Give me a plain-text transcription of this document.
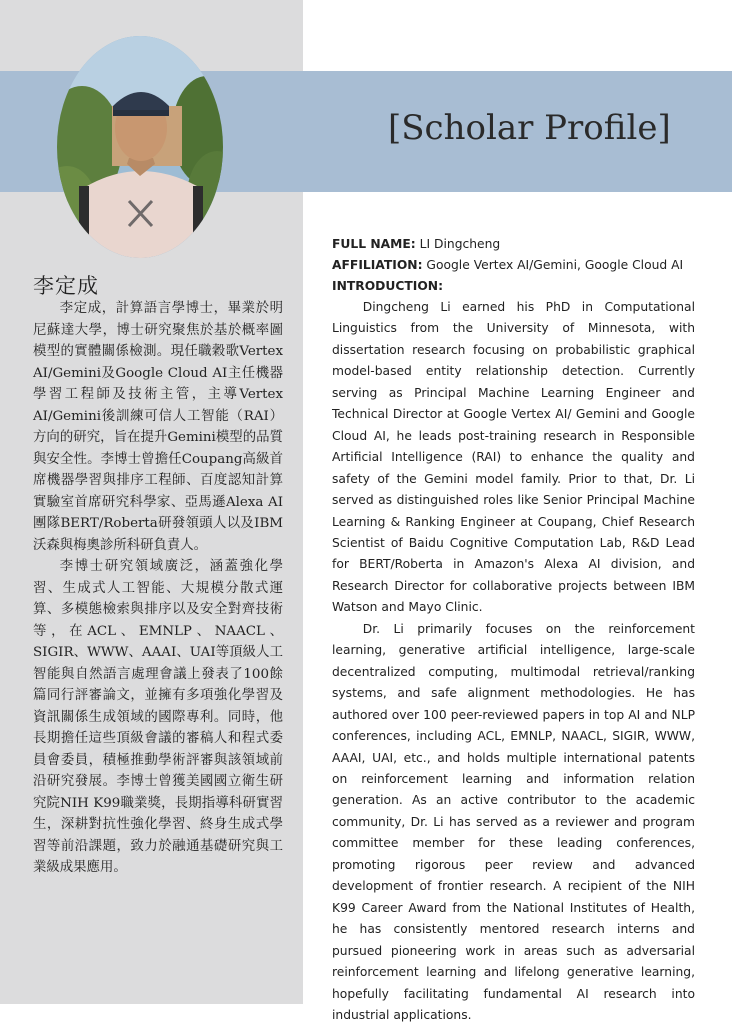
[Scholar Profile]
李定成

李定成，計算語言學博士，畢業於明尼蘇達大學，博士研究聚焦於基於概率圖模型的實體關係檢測。現任職穀歌Vertex AI/Gemini及Google Cloud AI主任機器學習工程師及技術主管，主導Vertex AI/Gemini後訓練可信人工智能（RAI）方向的研究，旨在提升Gemini模型的品質與安全性。李博士曾擔任Coupang高級首席機器學習與排序工程師、百度認知計算實驗室首席研究科學家、亞馬遜Alexa AI團隊BERT/Roberta研發領頭人以及IBM沃森與梅奧診所科研負責人。

李博士研究領域廣泛，涵蓋強化學習、生成式人工智能、大規模分散式運算、多模態檢索與排序以及安全對齊技術等，在ACL、EMNLP、NAACL、SIGIR、WWW、AAAI、UAI等頂級人工智能與自然語言處理會議上發表了100餘篇同行評審論文，並擁有多項強化學習及資訊關係生成領域的國際專利。同時，他長期擔任這些頂級會議的審稿人和程式委員會委員，積極推動學術評審與該領域前沿研究發展。李博士曾獲美國國立衛生研究院NIH K99職業獎，長期指導科研實習生，深耕對抗性強化學習、終身生成式學習等前沿課題，致力於融通基礎研究與工業級成果應用。

FULL NAME: LI Dingcheng
AFFILIATION: Google Vertex AI/Gemini, Google Cloud AI
INTRODUCTION:

Dingcheng Li earned his PhD in Computational Linguistics from the University of Minnesota, with dissertation research focusing on probabilistic graphical model-based entity relationship detection. Currently serving as Principal Machine Learning Engineer and Technical Director at Google Vertex AI/ Gemini and Google Cloud AI, he leads post-training research in Responsible Artificial Intelligence (RAI) to enhance the quality and safety of the Gemini model family. Prior to that, Dr. Li served as distinguished roles like Senior Principal Machine Learning & Ranking Engineer at Coupang, Chief Research Scientist of Baidu Cognitive Computation Lab, R&D Lead for BERT/Roberta in Amazon's Alexa AI division, and Research Director for collaborative projects between IBM Watson and Mayo Clinic.

Dr. Li primarily focuses on the reinforcement learning, generative artificial intelligence, large-scale decentralized computing, multimodal retrieval/ranking systems, and safe alignment methodologies. He has authored over 100 peer-reviewed papers in top AI and NLP conferences, including ACL, EMNLP, NAACL, SIGIR, WWW, AAAI, UAI, etc., and holds multiple international patents on reinforcement learning and information relation generation. As an active contributor to the academic community, Dr. Li has served as a reviewer and program committee member for these leading conferences, promoting rigorous peer review and advanced development of frontier research. A recipient of the NIH K99 Career Award from the National Institutes of Health, he has consistently mentored research interns and pursued pioneering work in areas such as adversarial reinforcement learning and lifelong generative learning, hopefully facilitating fundamental AI research into industrial applications.
